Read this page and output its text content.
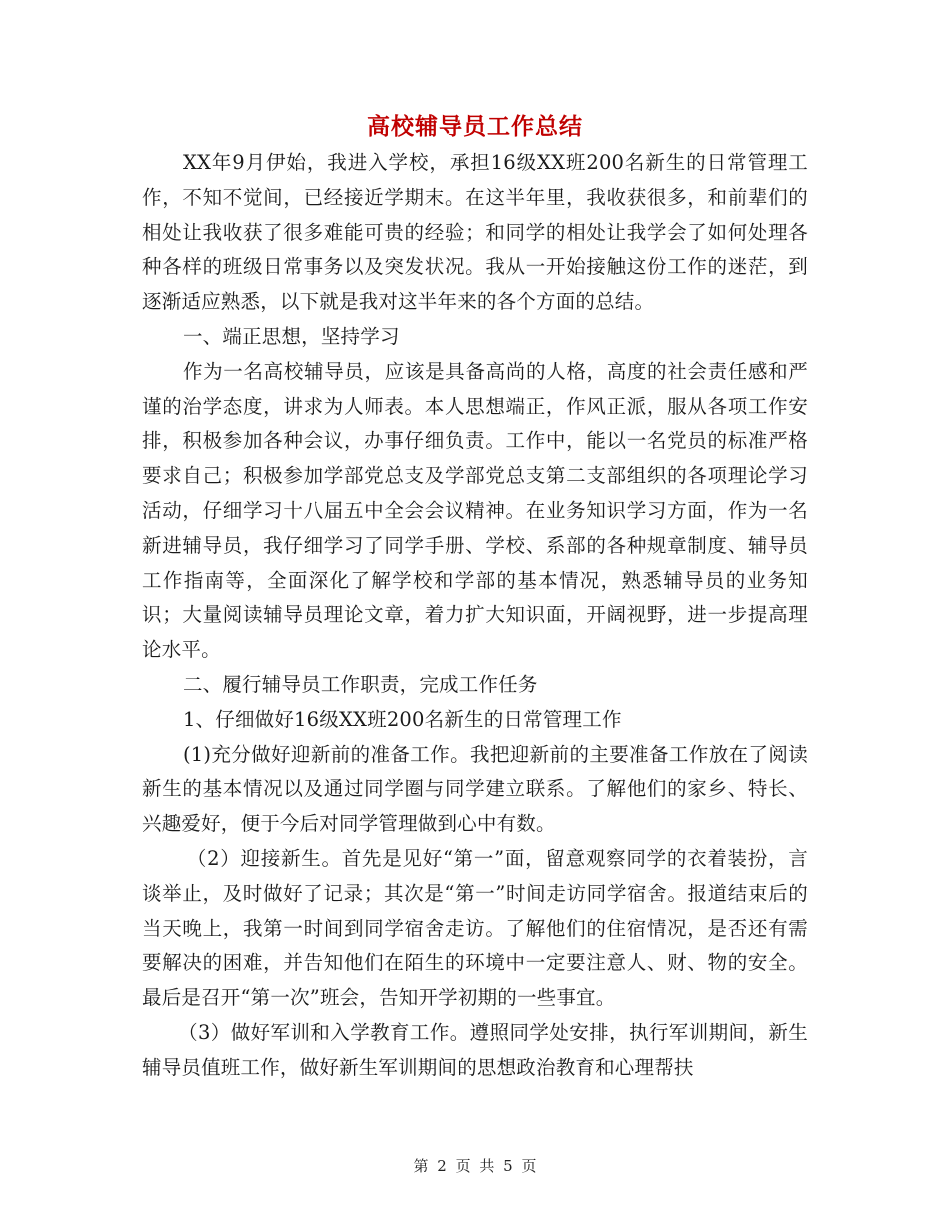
高校辅导员工作总结

XX年9月伊始，我进入学校，承担16级XX班200名新生的日常管理工作，不知不觉间，已经接近学期末。在这半年里，我收获很多，和前辈们的相处让我收获了很多难能可贵的经验；和同学的相处让我学会了如何处理各种各样的班级日常事务以及突发状况。我从一开始接触这份工作的迷茫，到逐渐适应熟悉，以下就是我对这半年来的各个方面的总结。

一、端正思想，坚持学习

作为一名高校辅导员，应该是具备高尚的人格，高度的社会责任感和严谨的治学态度，讲求为人师表。本人思想端正，作风正派，服从各项工作安排，积极参加各种会议，办事仔细负责。工作中，能以一名党员的标准严格要求自己；积极参加学部党总支及学部党总支第二支部组织的各项理论学习活动，仔细学习十八届五中全会会议精神。在业务知识学习方面，作为一名新进辅导员，我仔细学习了同学手册、学校、系部的各种规章制度、辅导员工作指南等，全面深化了解学校和学部的基本情况，熟悉辅导员的业务知识；大量阅读辅导员理论文章，着力扩大知识面，开阔视野，进一步提高理论水平。

二、履行辅导员工作职责，完成工作任务

1、仔细做好16级XX班200名新生的日常管理工作

(1)充分做好迎新前的准备工作。我把迎新前的主要准备工作放在了阅读新生的基本情况以及通过同学圈与同学建立联系。了解他们的家乡、特长、兴趣爱好，便于今后对同学管理做到心中有数。

（2）迎接新生。首先是见好“第一”面，留意观察同学的衣着装扮，言谈举止，及时做好了记录；其次是“第一”时间走访同学宿舍。报道结束后的当天晚上，我第一时间到同学宿舍走访。了解他们的住宿情况，是否还有需要解决的困难，并告知他们在陌生的环境中一定要注意人、财、物的安全。最后是召开“第一次”班会，告知开学初期的一些事宜。

（3）做好军训和入学教育工作。遵照同学处安排，执行军训期间，新生辅导员值班工作，做好新生军训期间的思想政治教育和心理帮扶

第 2 页 共 5 页
